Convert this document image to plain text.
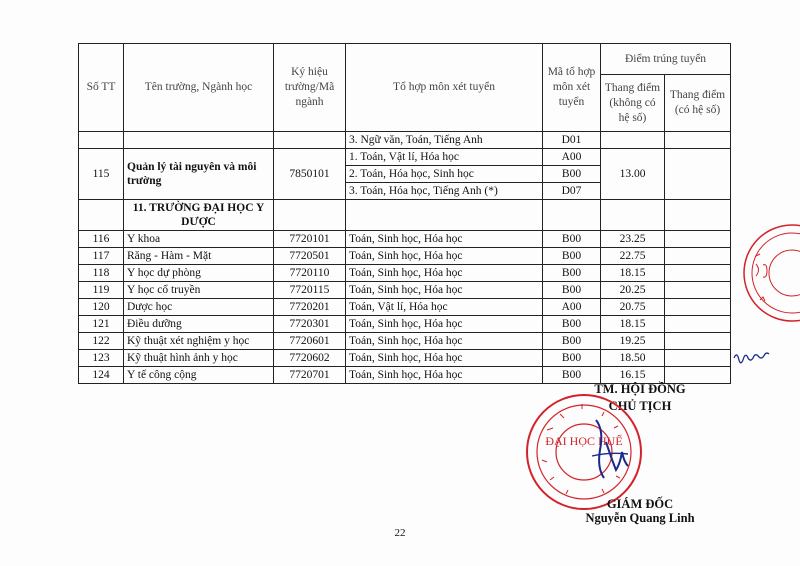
Số TT	Tên trường, Ngành học	Ký hiệu trường/Mã ngành	Tổ hợp môn xét tuyển	Mã tổ hợp môn xét tuyển	Điểm trúng tuyển	
					Thang điểm (không có hệ số)	Thang điểm (có hệ số)
			3. Ngữ văn, Toán, Tiếng Anh	D01		
115	Quản lý tài nguyên và môi trường	7850101	1. Toán, Vật lí, Hóa học	A00	13.00	
			2. Toán, Hóa học, Sinh học	B00		
			3. Toán, Hóa học, Tiếng Anh (*)	D07		
	11. TRƯỜNG ĐẠI HỌC Y DƯỢC					
116	Y khoa	7720101	Toán, Sinh học, Hóa học	B00	23.25	
117	Răng - Hàm - Mặt	7720501	Toán, Sinh học, Hóa học	B00	22.75	
118	Y học dự phòng	7720110	Toán, Sinh học, Hóa học	B00	18.15	
119	Y học cổ truyền	7720115	Toán, Sinh học, Hóa học	B00	20.25	
120	Dược học	7720201	Toán, Vật lí, Hóa học	A00	20.75	
121	Điều dưỡng	7720301	Toán, Sinh học, Hóa học	B00	18.15	
122	Kỹ thuật xét nghiệm y học	7720601	Toán, Sinh học, Hóa học	B00	19.25	
123	Kỹ thuật hình ảnh y học	7720602	Toán, Sinh học, Hóa học	B00	18.50	
124	Y tế công cộng	7720701	Toán, Sinh học, Hóa học	B00	16.15	
TM. HỘI ĐỒNG
CHỦ TỊCH
ĐẠI HỌC HUẾ
GIÁM ĐỐC
Nguyễn Quang Linh
22
